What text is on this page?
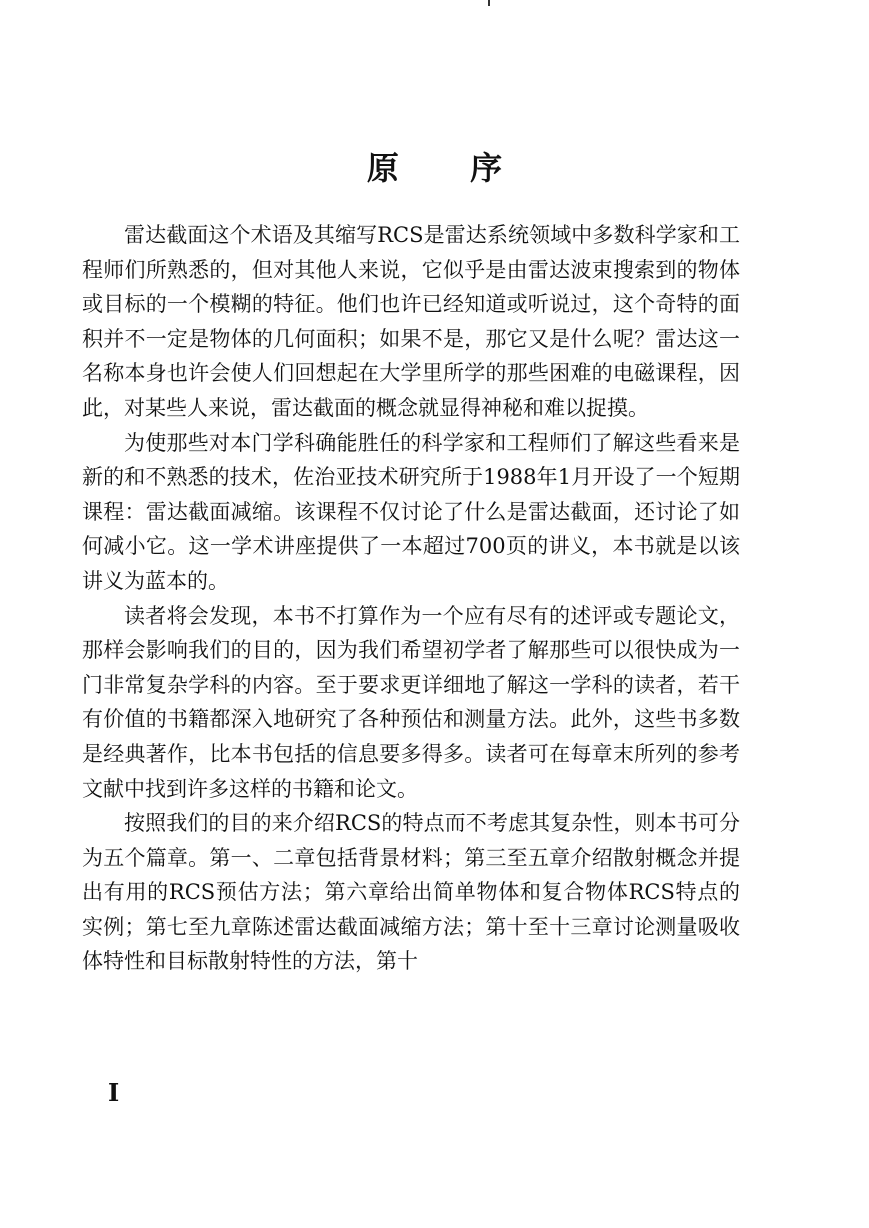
原 序

雷达截面这个术语及其缩写RCS是雷达系统领域中多数科学家和工程师们所熟悉的，但对其他人来说，它似乎是由雷达波束搜索到的物体或目标的一个模糊的特征。他们也许已经知道或听说过，这个奇特的面积并不一定是物体的几何面积；如果不是，那它又是什么呢？雷达这一名称本身也许会使人们回想起在大学里所学的那些困难的电磁课程，因此，对某些人来说，雷达截面的概念就显得神秘和难以捉摸。

为使那些对本门学科确能胜任的科学家和工程师们了解这些看来是新的和不熟悉的技术，佐治亚技术研究所于1988年1月开设了一个短期课程：雷达截面减缩。该课程不仅讨论了什么是雷达截面，还讨论了如何减小它。这一学术讲座提供了一本超过700页的讲义，本书就是以该讲义为蓝本的。

读者将会发现，本书不打算作为一个应有尽有的述评或专题论文，那样会影响我们的目的，因为我们希望初学者了解那些可以很快成为一门非常复杂学科的内容。至于要求更详细地了解这一学科的读者，若干有价值的书籍都深入地研究了各种预估和测量方法。此外，这些书多数是经典著作，比本书包括的信息要多得多。读者可在每章末所列的参考文献中找到许多这样的书籍和论文。

按照我们的目的来介绍RCS的特点而不考虑其复杂性，则本书可分为五个篇章。第一、二章包括背景材料；第三至五章介绍散射概念并提出有用的RCS预估方法；第六章给出简单物体和复合物体RCS特点的实例；第七至九章陈述雷达截面减缩方法；第十至十三章讨论测量吸收体特性和目标散射特性的方法，第十

I
